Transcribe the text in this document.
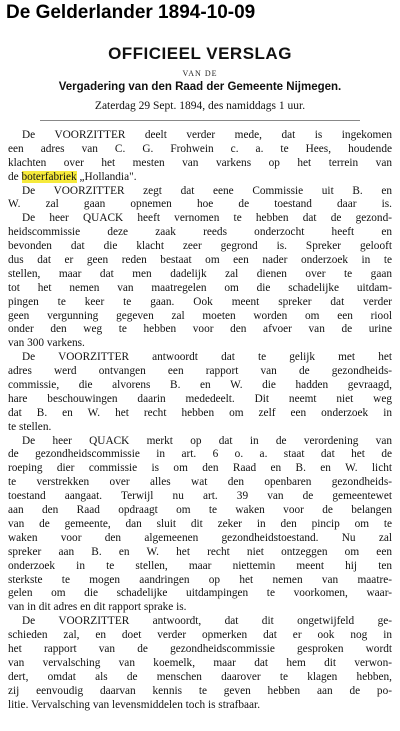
De Gelderlander 1894-10-09
OFFICIEEL VERSLAG
VAN DE
Vergadering van den Raad der Gemeente Nijmegen.
Zaterdag 29 Sept. 1894, des namiddags 1 uur.
De VOORZITTER deelt verder mede, dat is ingekomen
een adres van C. G. Frohwein c. a. te Hees, houdende
klachten over het mesten van varkens op het terrein van
de boterfabriek „Hollandia".
De VOORZITTER zegt dat eene Commissie uit B. en
W. zal gaan opnemen hoe de toestand daar is.
De heer QUACK heeft vernomen te hebben dat de gezond-
heidscommissie deze zaak reeds onderzocht heeft en
bevonden dat die klacht zeer gegrond is. Spreker gelooft
dus dat er geen reden bestaat om een nader onderzoek in te
stellen, maar dat men dadelijk zal dienen over te gaan
tot het nemen van maatregelen om die schadelijke uitdam-
pingen te keer te gaan. Ook meent spreker dat verder
geen vergunning gegeven zal moeten worden om een riool
onder den weg te hebben voor den afvoer van de urine
van 300 varkens.
De VOORZITTER antwoordt dat te gelijk met het
adres werd ontvangen een rapport van de gezondheids-
commissie, die alvorens B. en W. die hadden gevraagd,
hare beschouwingen daarin mededeelt. Dit neemt niet weg
dat B. en W. het recht hebben om zelf een onderzoek in
te stellen.
De heer QUACK merkt op dat in de verordening van
de gezondheidscommissie in art. 6 o. a. staat dat het de
roeping dier commissie is om den Raad en B. en W. licht
te verstrekken over alles wat den openbaren gezondheids-
toestand aangaat. Terwijl nu art. 39 van de gemeentewet
aan den Raad opdraagt om te waken voor de belangen
van de gemeente, dan sluit dit zeker in den pincip om te
waken voor den algemeenen gezondheidstoestand. Nu zal
spreker aan B. en W. het recht niet ontzeggen om een
onderzoek in te stellen, maar niettemin meent hij ten
sterkste te mogen aandringen op het nemen van maatre-
gelen om die schadelijke uitdampingen te voorkomen, waar-
van in dit adres en dit rapport sprake is.
De VOORZITTER antwoordt, dat dit ongetwijfeld ge-
schieden zal, en doet verder opmerken dat er ook nog in
het rapport van de gezondheidscommissie gesproken wordt
van vervalsching van koemelk, maar dat hem dit verwon-
dert, omdat als de menschen daarover te klagen hebben,
zij eenvoudig daarvan kennis te geven hebben aan de po-
litie. Vervalsching van levensmiddelen toch is strafbaar.
